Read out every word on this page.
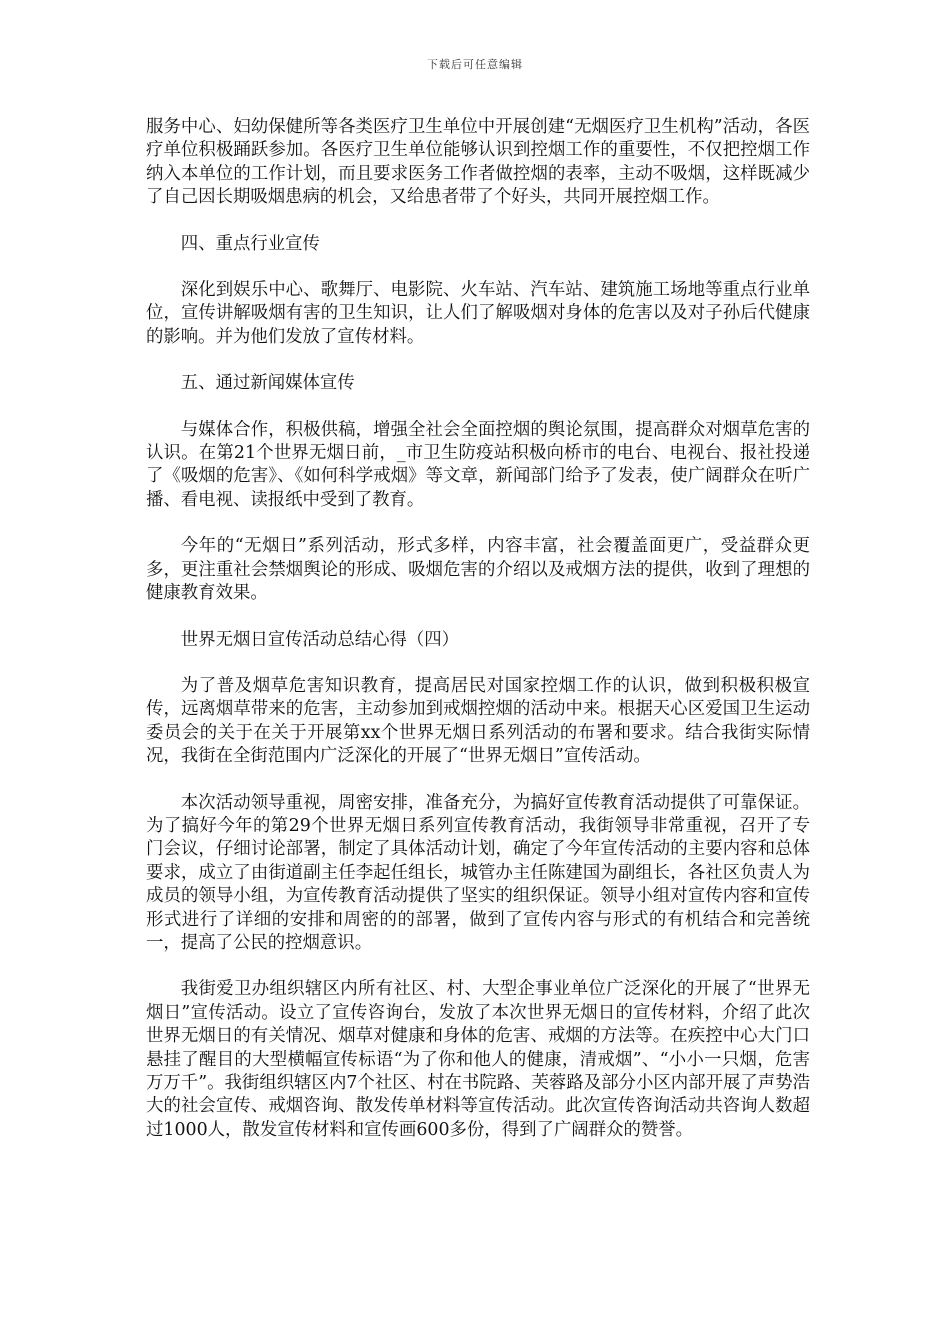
下载后可任意编辑

服务中心、妇幼保健所等各类医疗卫生单位中开展创建“无烟医疗卫生机构”活动，各医疗单位积极踊跃参加。各医疗卫生单位能够认识到控烟工作的重要性，不仅把控烟工作纳入本单位的工作计划，而且要求医务工作者做控烟的表率，主动不吸烟，这样既减少了自己因长期吸烟患病的机会，又给患者带了个好头，共同开展控烟工作。

四、重点行业宣传

深化到娱乐中心、歌舞厅、电影院、火车站、汽车站、建筑施工场地等重点行业单位，宣传讲解吸烟有害的卫生知识，让人们了解吸烟对身体的危害以及对子孙后代健康的影响。并为他们发放了宣传材料。

五、通过新闻媒体宣传

与媒体合作，积极供稿，增强全社会全面控烟的舆论氛围，提高群众对烟草危害的认识。在第21个世界无烟日前，_市卫生防疫站积极向桥市的电台、电视台、报社投递了《吸烟的危害》、《如何科学戒烟》等文章，新闻部门给予了发表，使广阔群众在听广播、看电视、读报纸中受到了教育。

今年的“无烟日”系列活动，形式多样，内容丰富，社会覆盖面更广，受益群众更多，更注重社会禁烟舆论的形成、吸烟危害的介绍以及戒烟方法的提供，收到了理想的健康教育效果。

世界无烟日宣传活动总结心得（四）

为了普及烟草危害知识教育，提高居民对国家控烟工作的认识，做到积极积极宣传，远离烟草带来的危害，主动参加到戒烟控烟的活动中来。根据天心区爱国卫生运动委员会的关于在关于开展第xx个世界无烟日系列活动的布署和要求。结合我街实际情况，我街在全街范围内广泛深化的开展了“世界无烟日”宣传活动。

本次活动领导重视，周密安排，准备充分，为搞好宣传教育活动提供了可靠保证。为了搞好今年的第29个世界无烟日系列宣传教育活动，我街领导非常重视，召开了专门会议，仔细讨论部署，制定了具体活动计划，确定了今年宣传活动的主要内容和总体要求，成立了由街道副主任李起任组长，城管办主任陈建国为副组长，各社区负责人为成员的领导小组，为宣传教育活动提供了坚实的组织保证。领导小组对宣传内容和宣传形式进行了详细的安排和周密的的部署，做到了宣传内容与形式的有机结合和完善统一，提高了公民的控烟意识。

我街爱卫办组织辖区内所有社区、村、大型企事业单位广泛深化的开展了“世界无烟日”宣传活动。设立了宣传咨询台，发放了本次世界无烟日的宣传材料，介绍了此次世界无烟日的有关情况、烟草对健康和身体的危害、戒烟的方法等。在疾控中心大门口悬挂了醒目的大型横幅宣传标语“为了你和他人的健康，清戒烟”、“小小一只烟，危害万万千”。我街组织辖区内7个社区、村在书院路、芙蓉路及部分小区内部开展了声势浩大的社会宣传、戒烟咨询、散发传单材料等宣传活动。此次宣传咨询活动共咨询人数超过1000人，散发宣传材料和宣传画600多份，得到了广阔群众的赞誉。
